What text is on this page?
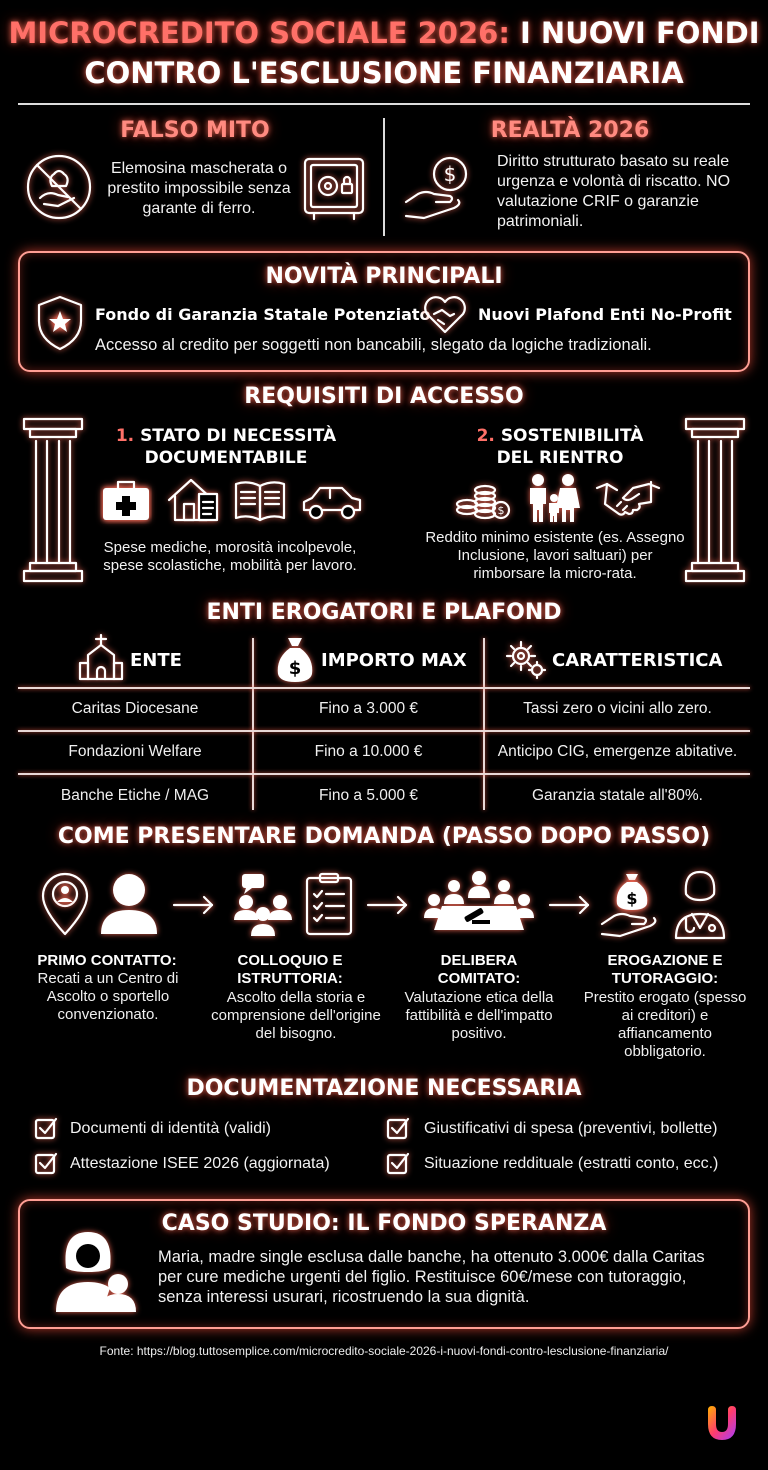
MICROCREDITO SOCIALE 2026: I NUOVI FONDI
CONTRO L'ESCLUSIONE FINANZIARIA
FALSO MITO
Elemosina mascherata o prestito impossibile senza garante di ferro.
REALTÀ 2026
$
Diritto strutturato basato su reale urgenza e volontà di riscatto. NO valutazione CRIF o garanzie patrimoniali.
NOVITÀ PRINCIPALI
Fondo di Garanzia Statale Potenziato	Nuovi Plafond Enti No-Profit
Accesso al credito per soggetti non bancabili, slegato da logiche tradizionali.
REQUISITI DI ACCESSO
1. STATO DI NECESSITÀ
DOCUMENTABILE
Spese mediche, morosità incolpevole, spese scolastiche, mobilità per lavoro.
2. SOSTENIBILITÀ
DEL RIENTRO
$
Reddito minimo esistente (es. Assegno Inclusione, lavori saltuari) per rimborsare la micro-rata.
ENTI EROGATORI E PLAFOND
ENTE	$ IMPORTO MAX	CARATTERISTICA
Caritas Diocesane	Fino a 3.000 €	Tassi zero o vicini allo zero.
Fondazioni Welfare	Fino a 10.000 €	Anticipo CIG, emergenze abitative.
Banche Etiche / MAG	Fino a 5.000 €	Garanzia statale all'80%.
COME PRESENTARE DOMANDA (PASSO DOPO PASSO)
$
PRIMO CONTATTO:
Recati a un Centro di Ascolto o sportello convenzionato.
COLLOQUIO E ISTRUTTORIA:
Ascolto della storia e comprensione dell'origine del bisogno.
DELIBERA COMITATO:
Valutazione etica della fattibilità e dell'impatto positivo.
EROGAZIONE E TUTORAGGIO:
Prestito erogato (spesso ai creditori) e affiancamento obbligatorio.
DOCUMENTAZIONE NECESSARIA
Documenti di identità (validi)	Giustificativi di spesa (preventivi, bollette)
Attestazione ISEE 2026 (aggiornata)	Situazione reddituale (estratti conto, ecc.)
CASO STUDIO: IL FONDO SPERANZA
Maria, madre single esclusa dalle banche, ha ottenuto 3.000€ dalla Caritas per cure mediche urgenti del figlio. Restituisce 60€/mese con tutoraggio, senza interessi usurari, ricostruendo la sua dignità.
Fonte: https://blog.tuttosemplice.com/microcredito-sociale-2026-i-nuovi-fondi-contro-lesclusione-finanziaria/
